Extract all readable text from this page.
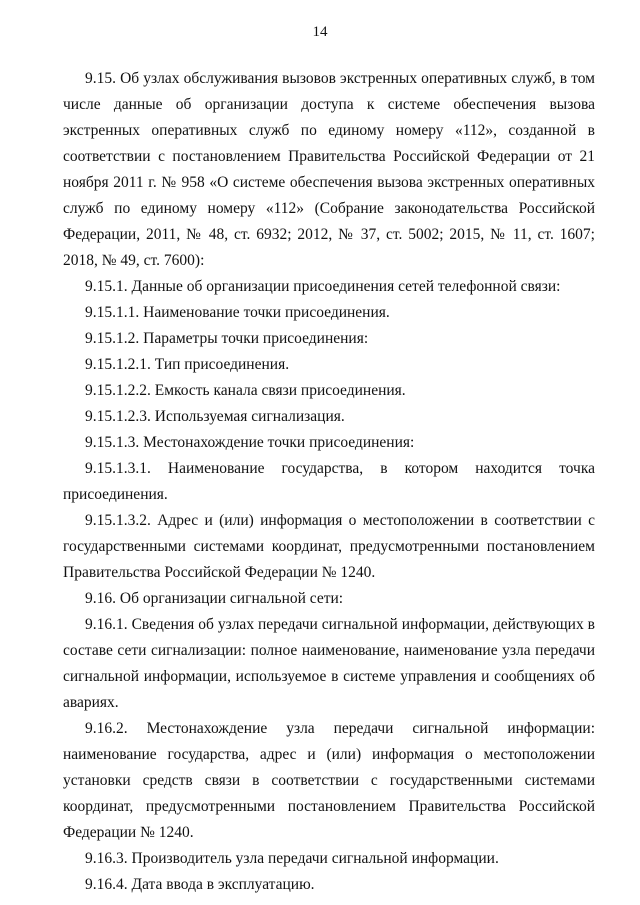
14

9.15. Об узлах обслуживания вызовов экстренных оперативных служб, в том числе данные об организации доступа к системе обеспечения вызова экстренных оперативных служб по единому номеру «112», созданной в соответствии с постановлением Правительства Российской Федерации от 21 ноября 2011 г. № 958 «О системе обеспечения вызова экстренных оперативных служб по единому номеру «112» (Собрание законодательства Российской Федерации, 2011, № 48, ст. 6932; 2012, № 37, ст. 5002; 2015, № 11, ст. 1607; 2018, № 49, ст. 7600):

9.15.1. Данные об организации присоединения сетей телефонной связи:

9.15.1.1. Наименование точки присоединения.

9.15.1.2. Параметры точки присоединения:

9.15.1.2.1. Тип присоединения.

9.15.1.2.2. Емкость канала связи присоединения.

9.15.1.2.3. Используемая сигнализация.

9.15.1.3. Местонахождение точки присоединения:

9.15.1.3.1. Наименование государства, в котором находится точка присоединения.

9.15.1.3.2. Адрес и (или) информация о местоположении в соответствии с государственными системами координат, предусмотренными постановлением Правительства Российской Федерации № 1240.

9.16. Об организации сигнальной сети:

9.16.1. Сведения об узлах передачи сигнальной информации, действующих в составе сети сигнализации: полное наименование, наименование узла передачи сигнальной информации, используемое в системе управления и сообщениях об авариях.

9.16.2. Местонахождение узла передачи сигнальной информации: наименование государства, адрес и (или) информация о местоположении установки средств связи в соответствии с государственными системами координат, предусмотренными постановлением Правительства Российской Федерации № 1240.

9.16.3. Производитель узла передачи сигнальной информации.

9.16.4. Дата ввода в эксплуатацию.
